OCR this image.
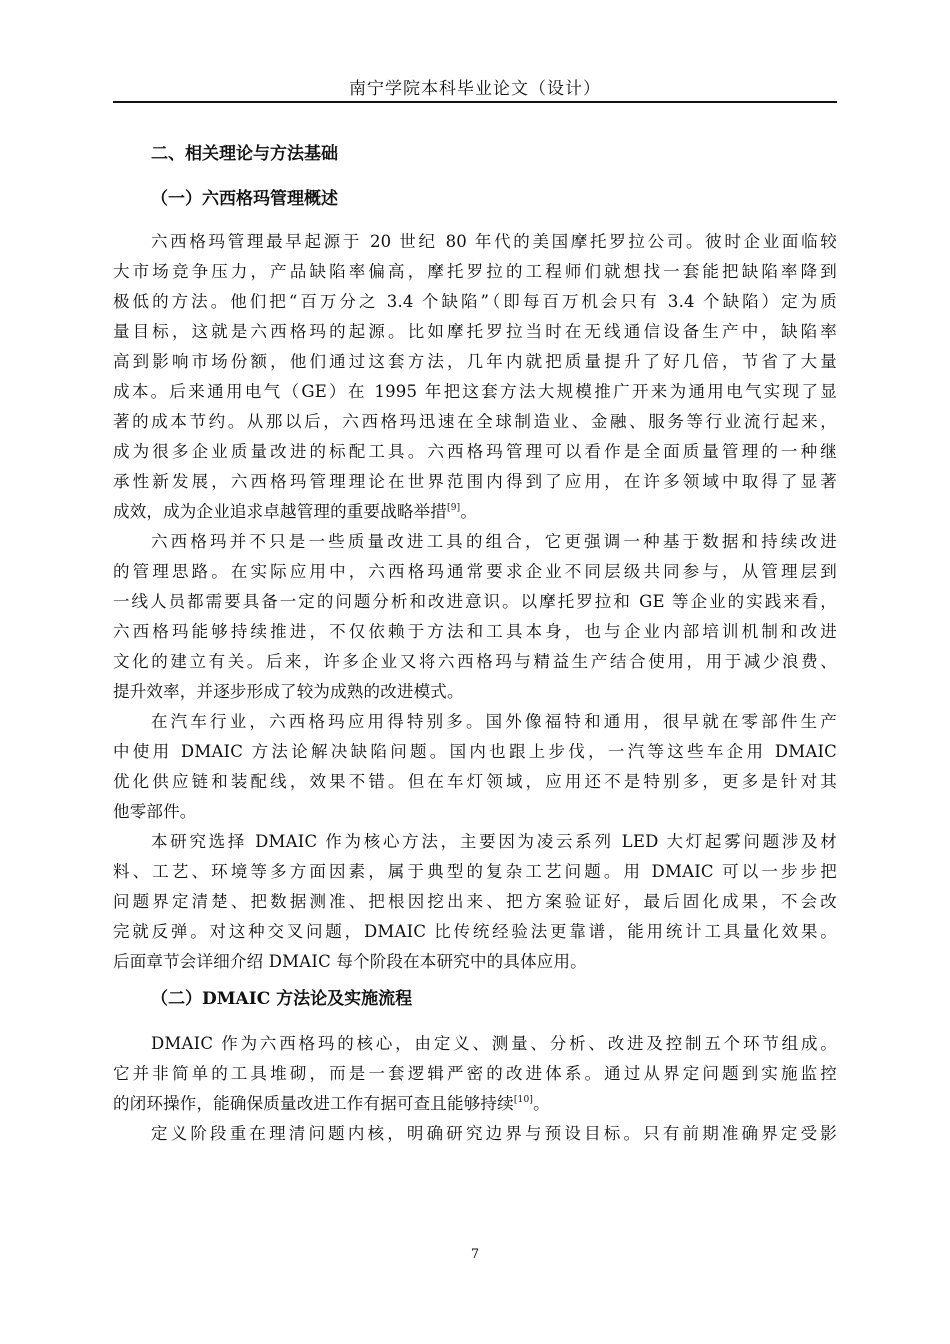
南宁学院本科毕业论文（设计）
二、相关理论与方法基础
（一）六西格玛管理概述

六西格玛管理最早起源于 20 世纪 80 年代的美国摩托罗拉公司。彼时企业面临较

大市场竞争压力，产品缺陷率偏高，摩托罗拉的工程师们就想找一套能把缺陷率降到

极低的方法。他们把“百万分之 3.4 个缺陷”（即每百万机会只有 3.4 个缺陷）定为质

量目标，这就是六西格玛的起源。比如摩托罗拉当时在无线通信设备生产中，缺陷率

高到影响市场份额，他们通过这套方法，几年内就把质量提升了好几倍，节省了大量

成本。后来通用电气（GE）在 1995 年把这套方法大规模推广开来为通用电气实现了显

著的成本节约。从那以后，六西格玛迅速在全球制造业、金融、服务等行业流行起来，

成为很多企业质量改进的标配工具。六西格玛管理可以看作是全面质量管理的一种继

承性新发展，六西格玛管理理论在世界范围内得到了应用，在许多领域中取得了显著

成效，成为企业追求卓越管理的重要战略举措[9]。

六西格玛并不只是一些质量改进工具的组合，它更强调一种基于数据和持续改进

的管理思路。在实际应用中，六西格玛通常要求企业不同层级共同参与，从管理层到

一线人员都需要具备一定的问题分析和改进意识。以摩托罗拉和 GE 等企业的实践来看，

六西格玛能够持续推进，不仅依赖于方法和工具本身，也与企业内部培训机制和改进

文化的建立有关。后来，许多企业又将六西格玛与精益生产结合使用，用于减少浪费、

提升效率，并逐步形成了较为成熟的改进模式。

在汽车行业，六西格玛应用得特别多。国外像福特和通用，很早就在零部件生产

中使用 DMAIC 方法论解决缺陷问题。国内也跟上步伐，一汽等这些车企用 DMAIC

优化供应链和装配线，效果不错。但在车灯领域，应用还不是特别多，更多是针对其

他零部件。

本研究选择 DMAIC 作为核心方法，主要因为凌云系列 LED 大灯起雾问题涉及材

料、工艺、环境等多方面因素，属于典型的复杂工艺问题。用 DMAIC 可以一步步把

问题界定清楚、把数据测准、把根因挖出来、把方案验证好，最后固化成果，不会改

完就反弹。对这种交叉问题，DMAIC 比传统经验法更靠谱，能用统计工具量化效果。

后面章节会详细介绍 DMAIC 每个阶段在本研究中的具体应用。

（二）DMAIC 方法论及实施流程

DMAIC 作为六西格玛的核心，由定义、测量、分析、改进及控制五个环节组成。

它并非简单的工具堆砌，而是一套逻辑严密的改进体系。通过从界定问题到实施监控

的闭环操作，能确保质量改进工作有据可查且能够持续[10]。

定义阶段重在理清问题内核，明确研究边界与预设目标。只有前期准确界定受影

7
